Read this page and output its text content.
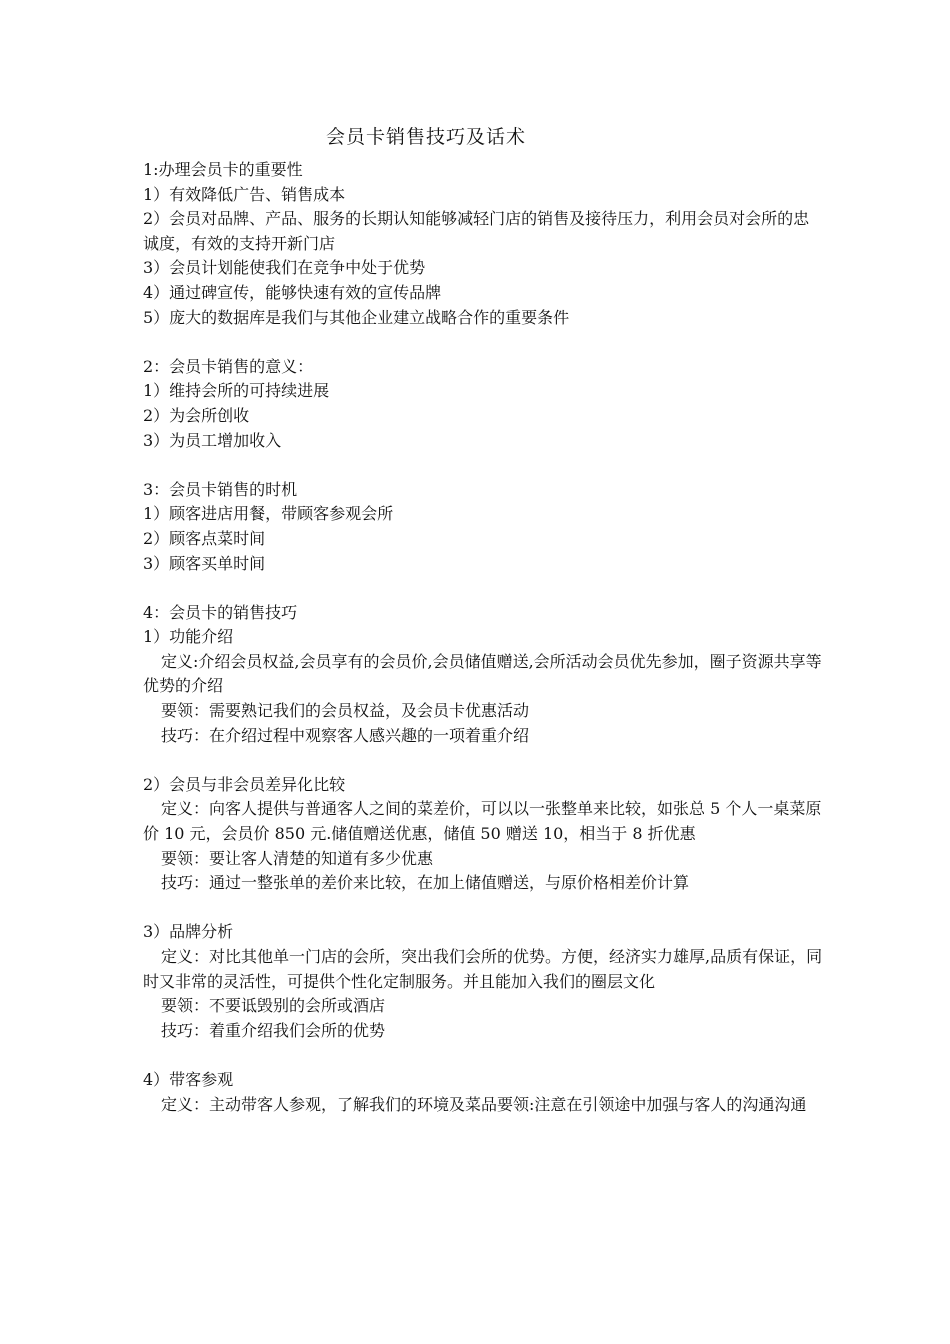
会员卡销售技巧及话术
1:办理会员卡的重要性
1）有效降低广告、销售成本
2）会员对品牌、产品、服务的长期认知能够减轻门店的销售及接待压力，利用会员对会所的忠诚度，有效的支持开新门店
3）会员计划能使我们在竞争中处于优势
4）通过碑宣传，能够快速有效的宣传品牌
5）庞大的数据库是我们与其他企业建立战略合作的重要条件
2：会员卡销售的意义：
1）维持会所的可持续进展
2）为会所创收
3）为员工增加收入
3：会员卡销售的时机
1）顾客进店用餐，带顾客参观会所
2）顾客点菜时间
3）顾客买单时间
4：会员卡的销售技巧
1）功能介绍
定义:介绍会员权益,会员享有的会员价,会员储值赠送,会所活动会员优先参加，圈子资源共享等优势的介绍
要领：需要熟记我们的会员权益，及会员卡优惠活动
技巧：在介绍过程中观察客人感兴趣的一项着重介绍
2）会员与非会员差异化比较
定义：向客人提供与普通客人之间的菜差价，可以以一张整单来比较，如张总 5 个人一桌菜原价 10 元，会员价 850 元.储值赠送优惠，储值 50 赠送 10，相当于 8 折优惠
要领：要让客人清楚的知道有多少优惠
技巧：通过一整张单的差价来比较，在加上储值赠送，与原价格相差价计算
3）品牌分析
定义：对比其他单一门店的会所，突出我们会所的优势。方便，经济实力雄厚,品质有保证，同时又非常的灵活性，可提供个性化定制服务。并且能加入我们的圈层文化
要领：不要诋毁别的会所或酒店
技巧：着重介绍我们会所的优势
4）带客参观
定义：主动带客人参观，了解我们的环境及菜品要领:注意在引领途中加强与客人的沟通沟通
